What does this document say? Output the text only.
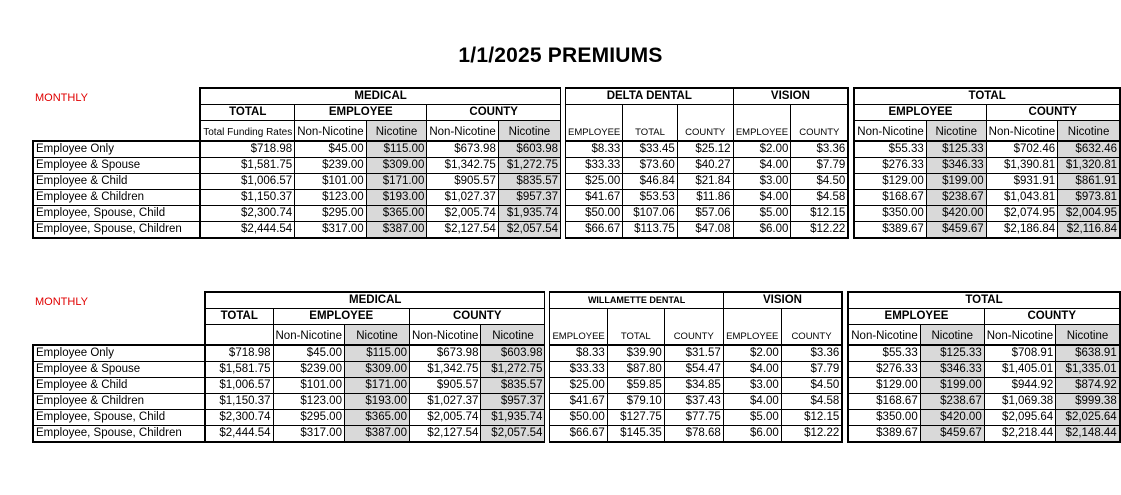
1/1/2025 PREMIUMS
MONTHLY
		MEDICAL						DELTA DENTAL			VISION			TOTAL			
	TOTAL	EMPLOYEE		COUNTY			EMPLOYEE	TOTAL	COUNTY	EMPLOYEE	COUNTY		EMPLOYEE		COUNTY	
	Total Funding Rates	Non-Nicotine	Nicotine	Non-Nicotine	Nicotine								Non-Nicotine	Nicotine	Non-Nicotine	Nicotine
Employee Only	$718.98	$45.00	$115.00	$673.98	$603.98		$8.33	$33.45	$25.12	$2.00	$3.36		$55.33	$125.33	$702.46	$632.46
Employee & Spouse	$1,581.75	$239.00	$309.00	$1,342.75	$1,272.75		$33.33	$73.60	$40.27	$4.00	$7.79		$276.33	$346.33	$1,390.81	$1,320.81
Employee & Child	$1,006.57	$101.00	$171.00	$905.57	$835.57		$25.00	$46.84	$21.84	$3.00	$4.50		$129.00	$199.00	$931.91	$861.91
Employee & Children	$1,150.37	$123.00	$193.00	$1,027.37	$957.37		$41.67	$53.53	$11.86	$4.00	$4.58		$168.67	$238.67	$1,043.81	$973.81
Employee, Spouse, Child	$2,300.74	$295.00	$365.00	$2,005.74	$1,935.74		$50.00	$107.06	$57.06	$5.00	$12.15		$350.00	$420.00	$2,074.95	$2,004.95
Employee, Spouse, Children	$2,444.54	$317.00	$387.00	$2,127.54	$2,057.54		$66.67	$113.75	$47.08	$6.00	$12.22		$389.67	$459.67	$2,186.84	$2,116.84
MONTHLY
		MEDICAL						WILLAMETTE DENTAL			VISION			TOTAL			
	TOTAL	EMPLOYEE		COUNTY			EMPLOYEE	TOTAL	COUNTY	EMPLOYEE	COUNTY		EMPLOYEE		COUNTY	
		Non-Nicotine	Nicotine	Non-Nicotine	Nicotine								Non-Nicotine	Nicotine	Non-Nicotine	Nicotine
Employee Only	$718.98	$45.00	$115.00	$673.98	$603.98		$8.33	$39.90	$31.57	$2.00	$3.36		$55.33	$125.33	$708.91	$638.91
Employee & Spouse	$1,581.75	$239.00	$309.00	$1,342.75	$1,272.75		$33.33	$87.80	$54.47	$4.00	$7.79		$276.33	$346.33	$1,405.01	$1,335.01
Employee & Child	$1,006.57	$101.00	$171.00	$905.57	$835.57		$25.00	$59.85	$34.85	$3.00	$4.50		$129.00	$199.00	$944.92	$874.92
Employee & Children	$1,150.37	$123.00	$193.00	$1,027.37	$957.37		$41.67	$79.10	$37.43	$4.00	$4.58		$168.67	$238.67	$1,069.38	$999.38
Employee, Spouse, Child	$2,300.74	$295.00	$365.00	$2,005.74	$1,935.74		$50.00	$127.75	$77.75	$5.00	$12.15		$350.00	$420.00	$2,095.64	$2,025.64
Employee, Spouse, Children	$2,444.54	$317.00	$387.00	$2,127.54	$2,057.54		$66.67	$145.35	$78.68	$6.00	$12.22		$389.67	$459.67	$2,218.44	$2,148.44
